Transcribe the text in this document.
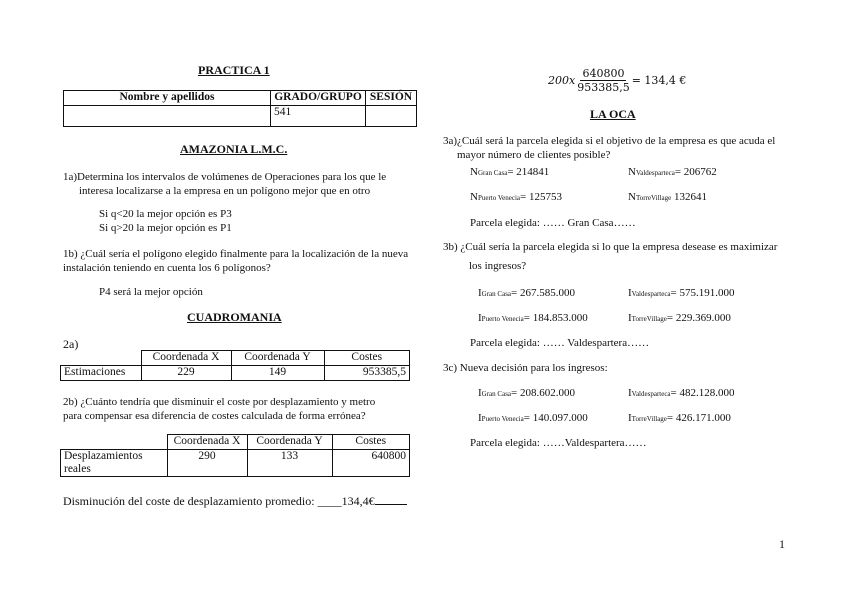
PRACTICA 1
Nombre y apellidos	GRADO/GRUPO	SESIÓN
	541	
AMAZONIA L.M.C.
1a)Determina los intervalos de volúmenes de Operaciones para los que le
interesa localizarse a la empresa en un polígono mejor que en otro
Si q<20 la mejor opción es P3
Si q>20 la mejor opción es P1
1b) ¿Cuál sería el polígono elegido finalmente para la localización de la nueva
instalación teniendo en cuenta los 6 polígonos?
P4 será la mejor opción
CUADROMANIA
2a)
	Coordenada X	Coordenada Y	Costes
Estimaciones	229	149	953385,5
2b) ¿Cuánto tendría que disminuir el coste por desplazamiento y metro
para compensar esa diferencia de costes calculada de forma errónea?
	Coordenada X	Coordenada Y	Costes
Desplazamientos reales	290	133	640800
Disminución del coste de desplazamiento promedio: ____134,4€
$200x \frac{640800}{953385,5} = 134,4$ €
LA OCA
3a)¿Cuál será la parcela elegida si el objetivo de la empresa es que acuda el
mayor número de clientes posible?
NGran Casa= 214841	NValdesparteca= 206762
NPuerto Venecia= 125753	NTorreVillage 132641
Parcela elegida: …… Gran Casa……
3b) ¿Cuál sería la parcela elegida si lo que la empresa desease es maximizar
los ingresos?
IGran Casa= 267.585.000	IValdesparteca= 575.191.000
IPuerto Venecia= 184.853.000	ITorreVillage= 229.369.000
Parcela elegida: …… Valdespartera……
3c) Nueva decisión para los ingresos:
IGran Casa= 208.602.000	IValdesparteca= 482.128.000
IPuerto Venecia= 140.097.000	ITorreVillage= 426.171.000
Parcela elegida: ……Valdespartera……
1
